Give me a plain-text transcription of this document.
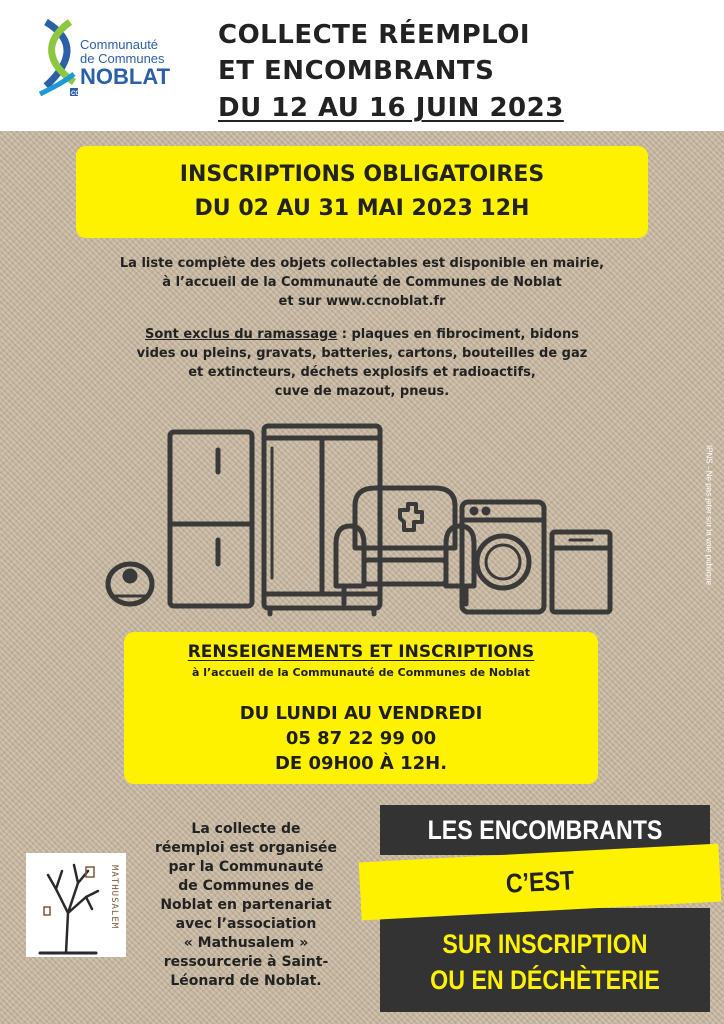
CC
Communauté
de Communes
NOBLAT
COLLECTE RÉEMPLOI
ET ENCOMBRANTS
DU 12 AU 16 JUIN 2023
INSCRIPTIONS OBLIGATOIRES
DU 02 AU 31 MAI 2023 12H
La liste complète des objets collectables est disponible en mairie,
à l’accueil de la Communauté de Communes de Noblat
et sur www.ccnoblat.fr
Sont exclus du ramassage : plaques en fibrociment, bidons
vides ou pleins, gravats, batteries, cartons, bouteilles de gaz
et extincteurs, déchets explosifs et radioactifs,
cuve de mazout, pneus.
IPNS - Ne pas jeter sur la voie publique
RENSEIGNEMENTS ET INSCRIPTIONS
à l’accueil de la Communauté de Communes de Noblat
DU LUNDI AU VENDREDI
05 87 22 99 00
DE 09H00 À 12H.
MATHUSALEM
La collecte de
réemploi est organisée
par la Communauté
de Communes de
Noblat en partenariat
avec l’association
« Mathusalem »
ressourcerie à Saint-
Léonard de Noblat.
LES ENCOMBRANTS
SUR INSCRIPTION
OU EN DÉCHÈTERIE
C’EST
